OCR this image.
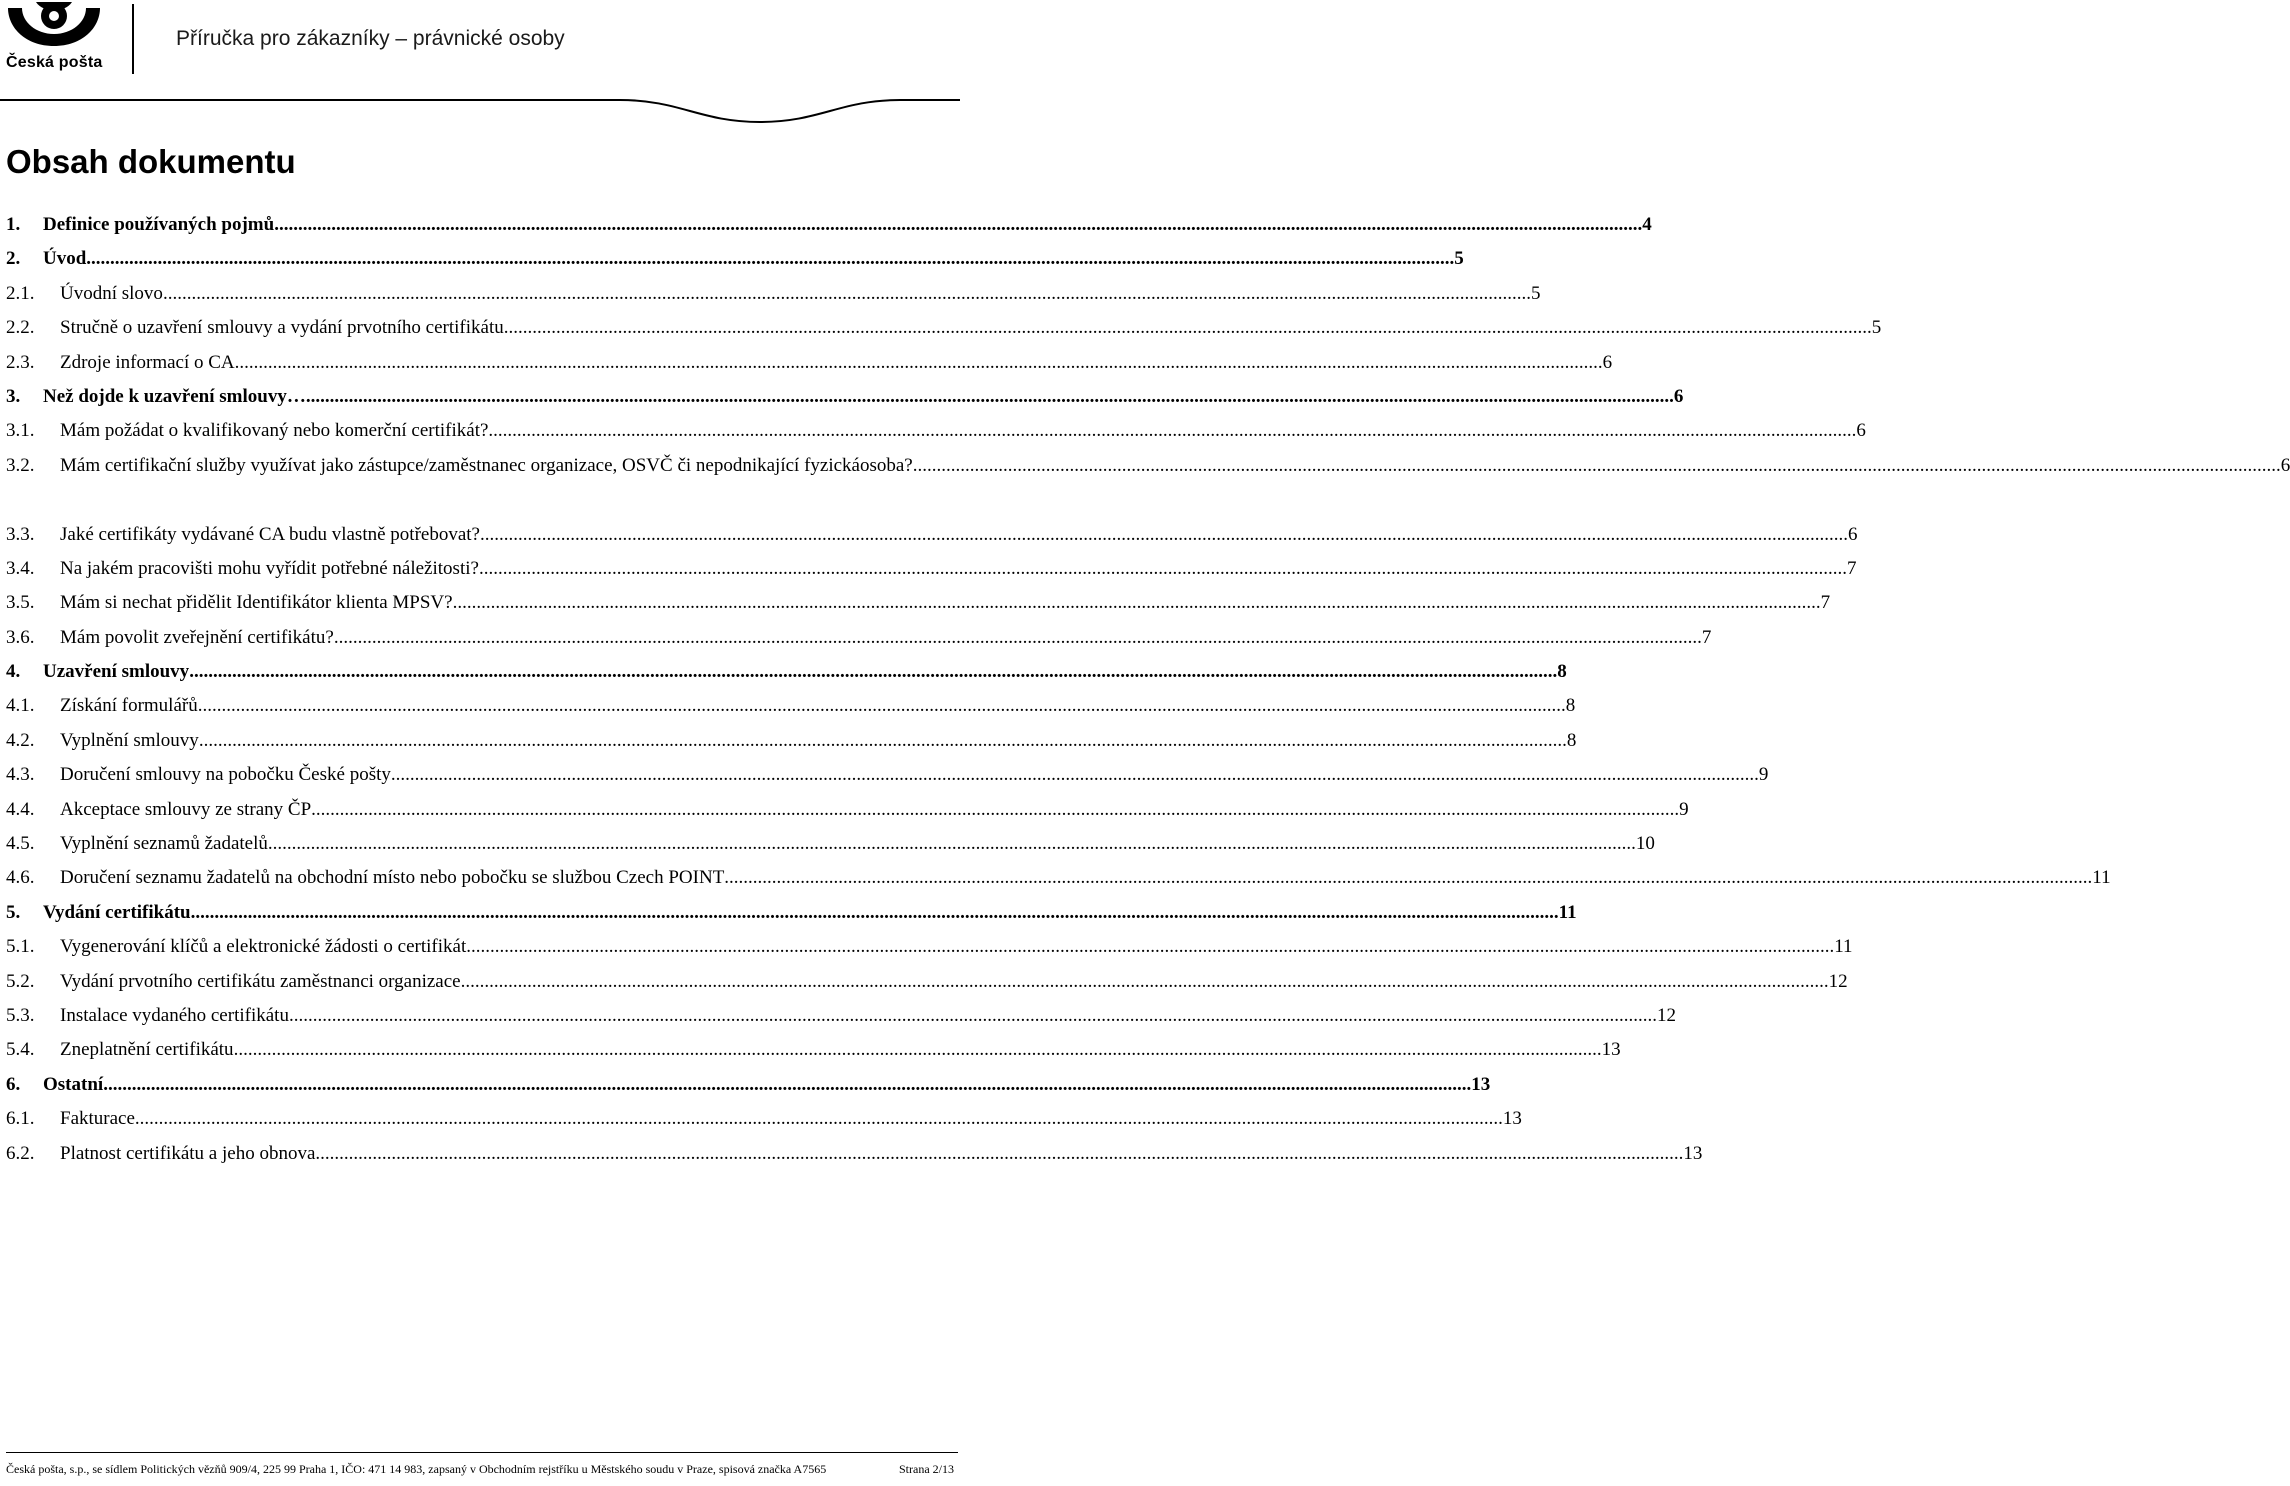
Česká pošta
Příručka pro zákazníky – právnické osoby
Obsah dokumentu
1.	Definice používaných pojmů .....	4
2.	Úvod .....	5
2.1.	Úvodní slovo .....	5
2.2.	Stručně o uzavření smlouvy a vydání prvotního certifikátu .....	5
2.3.	Zdroje informací o CA .....	6
3.	Než dojde k uzavření smlouvy… .....	6
3.1.	Mám požádat o kvalifikovaný nebo komerční certifikát? .....	6
3.2. Mám certifikační služby využívat jako zástupce/zaměstnanec organizace, OSVČ či nepodnikající fyzická osoba? .....	6
3.3.	Jaké certifikáty vydávané CA budu vlastně potřebovat? .....	6
3.4.	Na jakém pracovišti mohu vyřídit potřebné náležitosti? .....	7
3.5.	Mám si nechat přidělit Identifikátor klienta MPSV? .....	7
3.6.	Mám povolit zveřejnění certifikátu? .....	7
4.	Uzavření smlouvy .....	8
4.1.	Získání formulářů .....	8
4.2.	Vyplnění smlouvy .....	8
4.3.	Doručení smlouvy na pobočku České pošty .....	9
4.4.	Akceptace smlouvy ze strany ČP .....	9
4.5.	Vyplnění seznamů žadatelů .....	10
4.6.	Doručení seznamu žadatelů na obchodní místo nebo pobočku se službou Czech POINT .....	11
5.	Vydání certifikátu .....	11
5.1.	Vygenerování klíčů a elektronické žádosti o certifikát .....	11
5.2.	Vydání prvotního certifikátu zaměstnanci organizace .....	12
5.3.	Instalace vydaného certifikátu .....	12
5.4.	Zneplatnění certifikátu .....	13
6.	Ostatní .....	13
6.1.	Fakturace .....	13
6.2.	Platnost certifikátu a jeho obnova .....	13
Česká pošta, s.p., se sídlem Politických vězňů 909/4, 225 99 Praha 1, IČO: 471 14 983, zapsaný v Obchodním rejstříku u Městského soudu v Praze, spisová značka A7565	Strana 2/13
